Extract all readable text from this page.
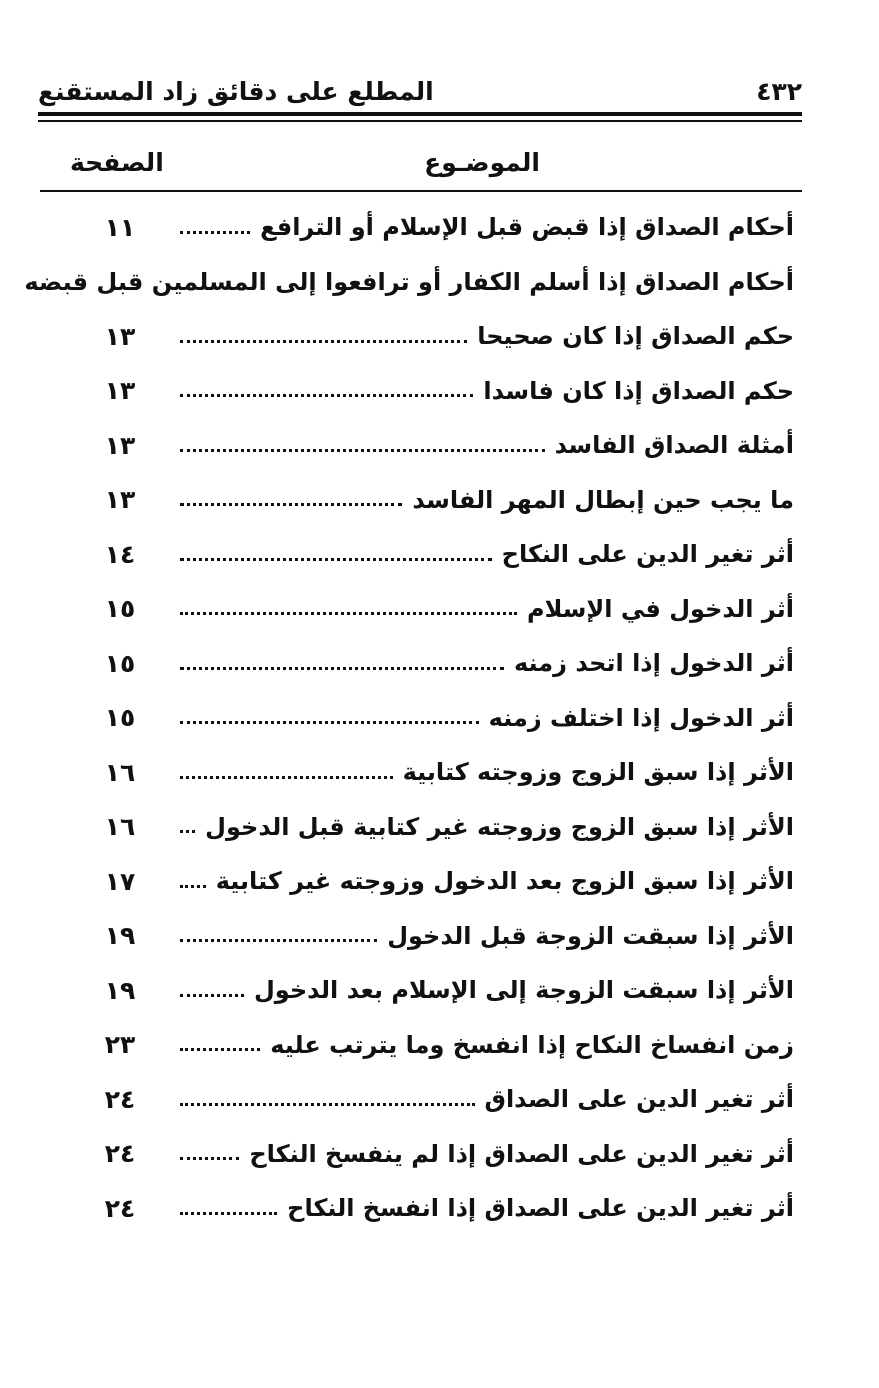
٤٣٢
المطلع على دقائق زاد المستقنع
الموضـوع
الصفحة
أحكام الصداق إذا قبض قبل الإسلام أو الترافع
١١
أحكام الصداق إذا أسلم الكفار أو ترافعوا إلى المسلمين قبل قبضه
حكم الصداق إذا كان صحيحا
١٣
حكم الصداق إذا كان فاسدا
١٣
أمثلة الصداق الفاسد
١٣
ما يجب حين إبطال المهر الفاسد
١٣
أثر تغير الدين على النكاح
١٤
أثر الدخول في الإسلام
١٥
أثر الدخول إذا اتحد زمنه
١٥
أثر الدخول إذا اختلف زمنه
١٥
الأثر إذا سبق الزوج وزوجته كتابية
١٦
الأثر إذا سبق الزوج وزوجته غير كتابية قبل الدخول
١٦
الأثر إذا سبق الزوج بعد الدخول وزوجته غير كتابية
١٧
الأثر إذا سبقت الزوجة قبل الدخول
١٩
الأثر إذا سبقت الزوجة إلى الإسلام بعد الدخول
١٩
زمن انفساخ النكاح إذا انفسخ وما يترتب عليه
٢٣
أثر تغير الدين على الصداق
٢٤
أثر تغير الدين على الصداق إذا لم ينفسخ النكاح
٢٤
أثر تغير الدين على الصداق إذا انفسخ النكاح
٢٤
